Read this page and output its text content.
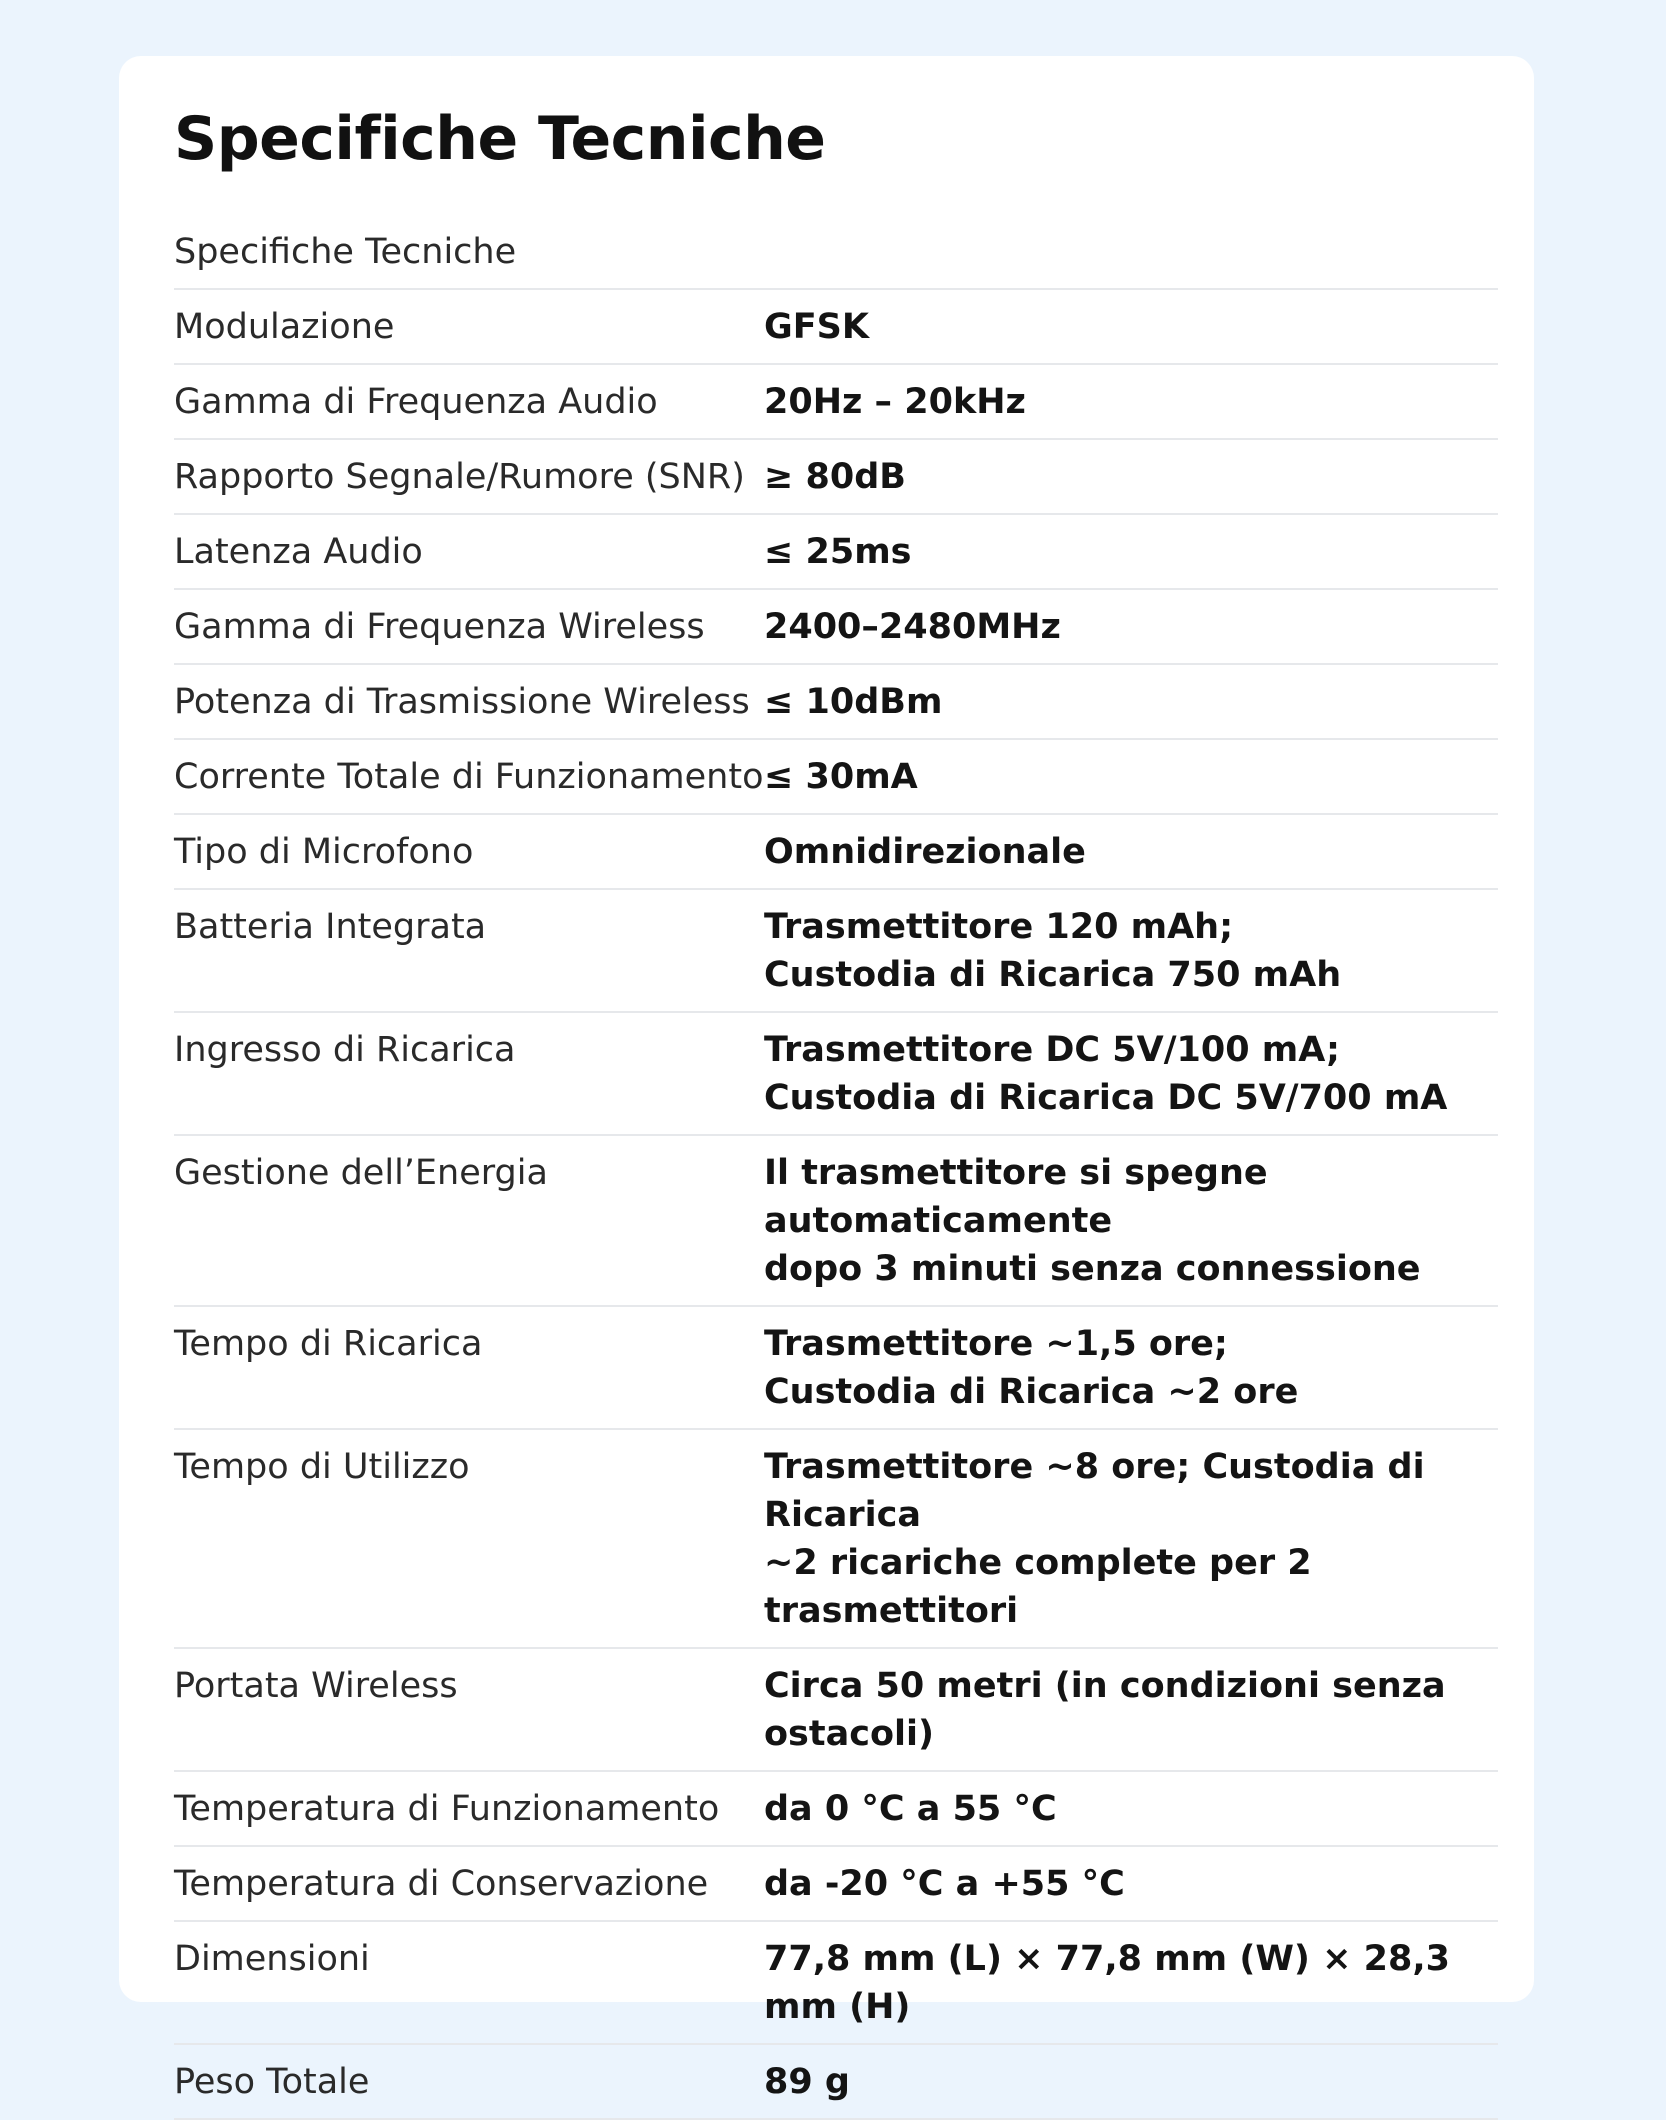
Specifiche Tecniche
Specifiche Tecniche	
Modulazione	GFSK

Gamma di Frequenza Audio	20Hz – 20kHz

Rapporto Segnale/Rumore (SNR)	≥ 80dB

Latenza Audio	≤ 25ms

Gamma di Frequenza Wireless	2400–2480MHz

Potenza di Trasmissione Wireless	≤ 10dBm

Corrente Totale di Funzionamento	≤ 30mA

Tipo di Microfono	Omnidirezionale

Batteria Integrata	Trasmettitore 120 mAh;
Custodia di Ricarica 750 mAh

Ingresso di Ricarica	Trasmettitore DC 5V/100 mA;
Custodia di Ricarica DC 5V/700 mA

Gestione dell’Energia	Il trasmettitore si spegne automaticamente
dopo 3 minuti senza connessione

Tempo di Ricarica	Trasmettitore ~1,5 ore;
Custodia di Ricarica ~2 ore

Tempo di Utilizzo	Trasmettitore ~8 ore; Custodia di Ricarica
~2 ricariche complete per 2 trasmettitori

Portata Wireless	Circa 50 metri (in condizioni senza ostacoli)

Temperatura di Funzionamento	da 0 °C a 55 °C

Temperatura di Conservazione	da -20 °C a +55 °C

Dimensioni	77,8 mm (L) × 77,8 mm (W) × 28,3 mm (H)

Peso Totale	89 g
